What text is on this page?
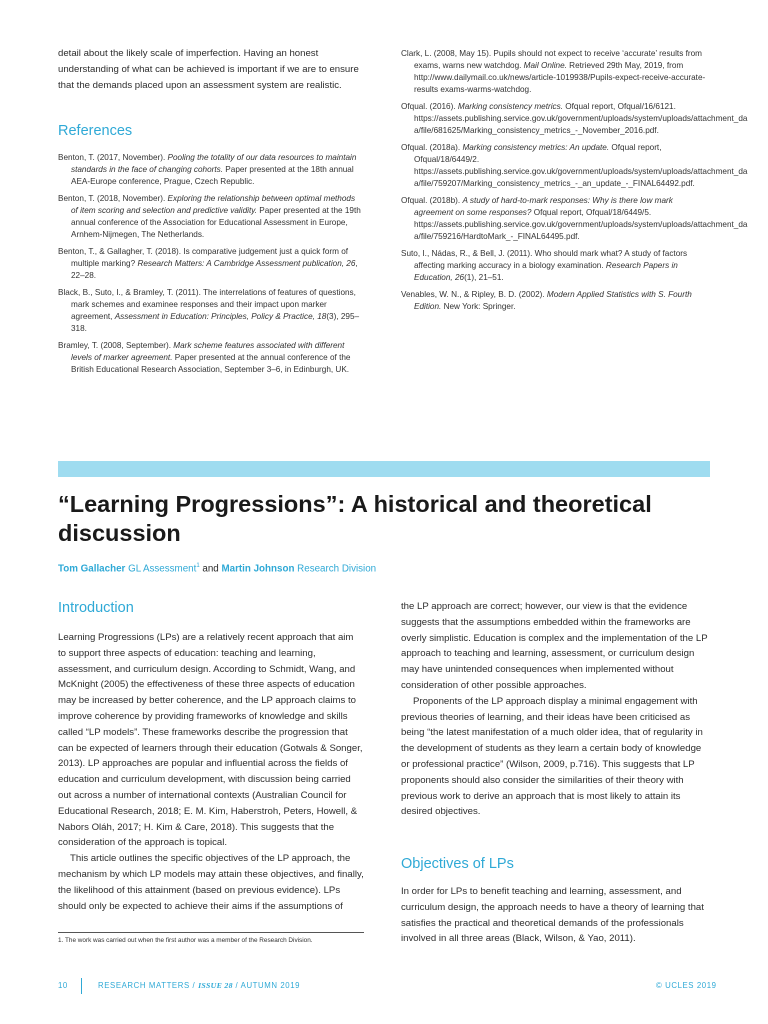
detail about the likely scale of imperfection. Having an honest understanding of what can be achieved is important if we are to ensure that the demands placed upon an assessment system are realistic.

References
Benton, T. (2017, November). Pooling the totality of our data resources to maintain standards in the face of changing cohorts. Paper presented at the 18th annual AEA-Europe conference, Prague, Czech Republic.
Benton, T. (2018, November). Exploring the relationship between optimal methods of item scoring and selection and predictive validity. Paper presented at the 19th annual conference of the Association for Educational Assessment in Europe, Arnhem-Nijmegen, The Netherlands.
Benton, T., & Gallagher, T. (2018). Is comparative judgement just a quick form of multiple marking? Research Matters: A Cambridge Assessment publication, 26, 22–28.
Black, B., Suto, I., & Bramley, T. (2011). The interrelations of features of questions, mark schemes and examinee responses and their impact upon marker agreement, Assessment in Education: Principles, Policy & Practice, 18(3), 295–318.
Bramley, T. (2008, September). Mark scheme features associated with different levels of marker agreement. Paper presented at the annual conference of the British Educational Research Association, September 3–6, in Edinburgh, UK.
Clark, L. (2008, May 15). Pupils should not expect to receive ‘accurate’ results from exams, warns new watchdog. Mail Online. Retrieved 29th May, 2019, from http://www.dailymail.co.uk/news/article-1019938/Pupils-expect-receive-accurate-results exams-warms-watchdog.
Ofqual. (2016). Marking consistency metrics. Ofqual report, Ofqual/16/6121. https://assets.publishing.service.gov.uk/government/uploads/system/uploads/attachment_da a/file/681625/Marking_consistency_metrics_-_November_2016.pdf.
Ofqual. (2018a). Marking consistency metrics: An update. Ofqual report, Ofqual/18/6449/2. https://assets.publishing.service.gov.uk/government/uploads/system/uploads/attachment_da a/file/759207/Marking_consistency_metrics_-_an_update_-_FINAL64492.pdf.
Ofqual. (2018b). A study of hard-to-mark responses: Why is there low mark agreement on some responses? Ofqual report, Ofqual/18/6449/5. https://assets.publishing.service.gov.uk/government/uploads/system/uploads/attachment_da a/file/759216/HardtoMark_-_FINAL64495.pdf.
Suto, I., Nádas, R., & Bell, J. (2011). Who should mark what? A study of factors affecting marking accuracy in a biology examination. Research Papers in Education, 26(1), 21–51.
Venables, W. N., & Ripley, B. D. (2002). Modern Applied Statistics with S. Fourth Edition. New York: Springer.
“Learning Progressions”: A historical and theoretical discussion
Tom Gallacher GL Assessment$^1$ and Martin Johnson Research Division
Introduction

Learning Progressions (LPs) are a relatively recent approach that aim to support three aspects of education: teaching and learning, assessment, and curriculum design. According to Schmidt, Wang, and McKnight (2005) the effectiveness of these three aspects of education may be increased by better coherence, and the LP approach claims to improve coherence by providing frameworks of knowledge and skills called “LP models”. These frameworks describe the progression that can be expected of learners through their education (Gotwals & Songer, 2013). LP approaches are popular and influential across the fields of education and curriculum development, with discussion being carried out across a number of international contexts (Australian Council for Educational Research, 2018; E. M. Kim, Haberstroh, Peters, Howell, & Nabors Oláh, 2017; H. Kim & Care, 2018). This suggests that the consideration of the approach is topical.

This article outlines the specific objectives of the LP approach, the mechanism by which LP models may attain these objectives, and finally, the likelihood of this attainment (based on previous evidence). LPs should only be expected to achieve their aims if the assumptions of

the LP approach are correct; however, our view is that the evidence suggests that the assumptions embedded within the frameworks are overly simplistic. Education is complex and the implementation of the LP approach to teaching and learning, assessment, or curriculum design may have unintended consequences when implemented without consideration of other possible approaches.

Proponents of the LP approach display a minimal engagement with previous theories of learning, and their ideas have been criticised as being “the latest manifestation of a much older idea, that of regularity in the development of students as they learn a certain body of knowledge or professional practice” (Wilson, 2009, p.716). This suggests that LP proponents should also consider the similarities of their theory with previous work to derive an approach that is most likely to attain its desired objectives.

Objectives of LPs

In order for LPs to benefit teaching and learning, assessment, and curriculum design, the approach needs to have a theory of learning that satisfies the practical and theoretical demands of the professionals involved in all three areas (Black, Wilson, & Yao, 2011).

1. The work was carried out when the first author was a member of the Research Division.
10	RESEARCH MATTERS / ISSUE 28 / AUTUMN 2019	© UCLES 2019
